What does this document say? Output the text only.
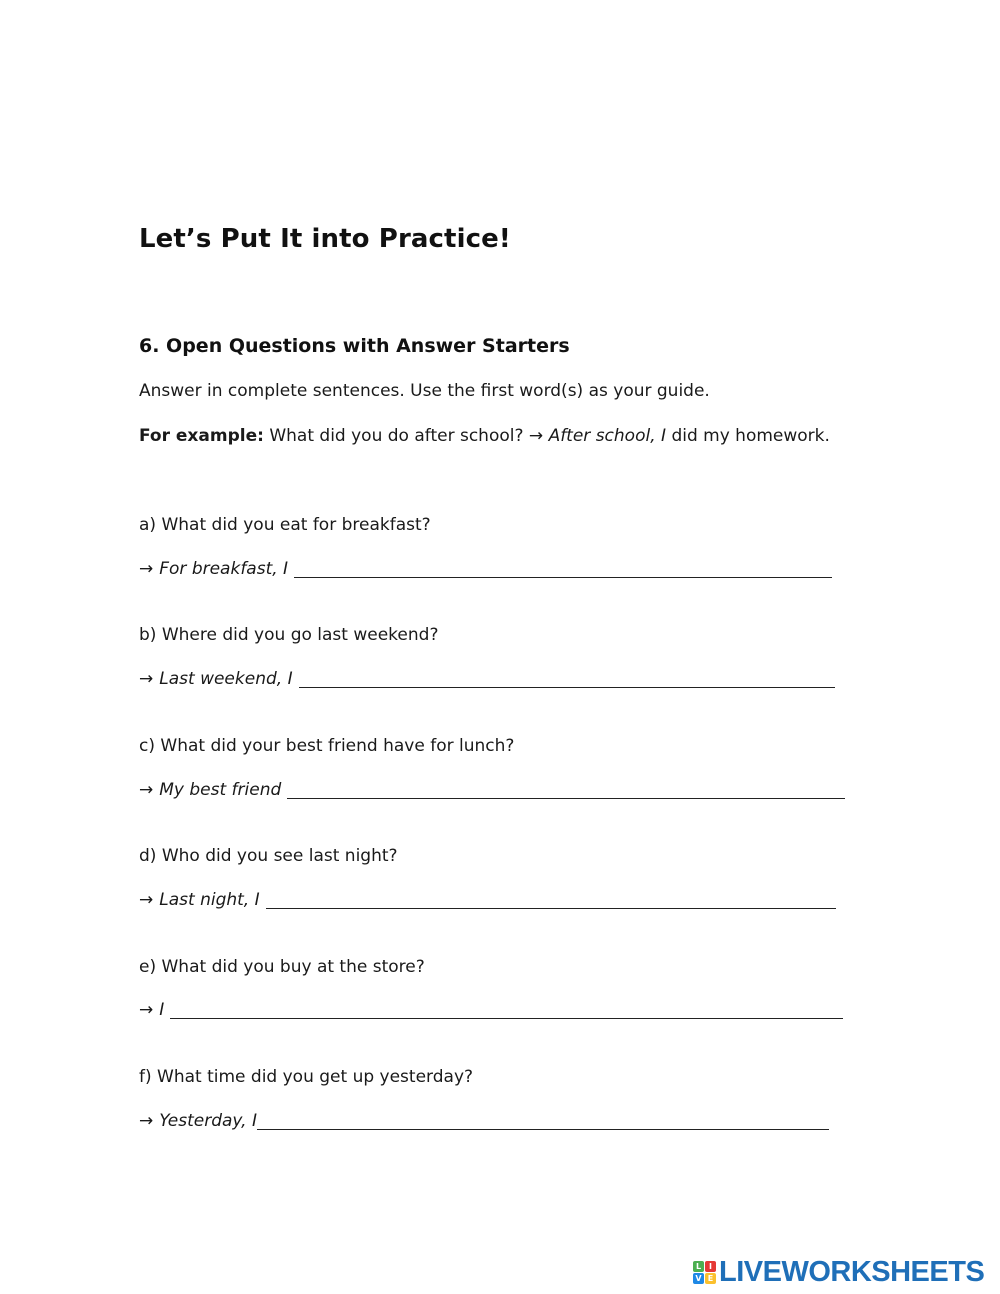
Let’s Put It into Practice!
6. Open Questions with Answer Starters
Answer in complete sentences. Use the first word(s) as your guide.
For example: What did you do after school? → After school, I did my homework.
a) What did you eat for breakfast?
→ For breakfast, I
b) Where did you go last weekend?
→ Last weekend, I
c) What did your best friend have for lunch?
→ My best friend
d) Who did you see last night?
→ Last night, I
e) What did you buy at the store?
→ I
f) What time did you get up yesterday?
→ Yesterday, I
L I
V E LIVEWORKSHEETS
